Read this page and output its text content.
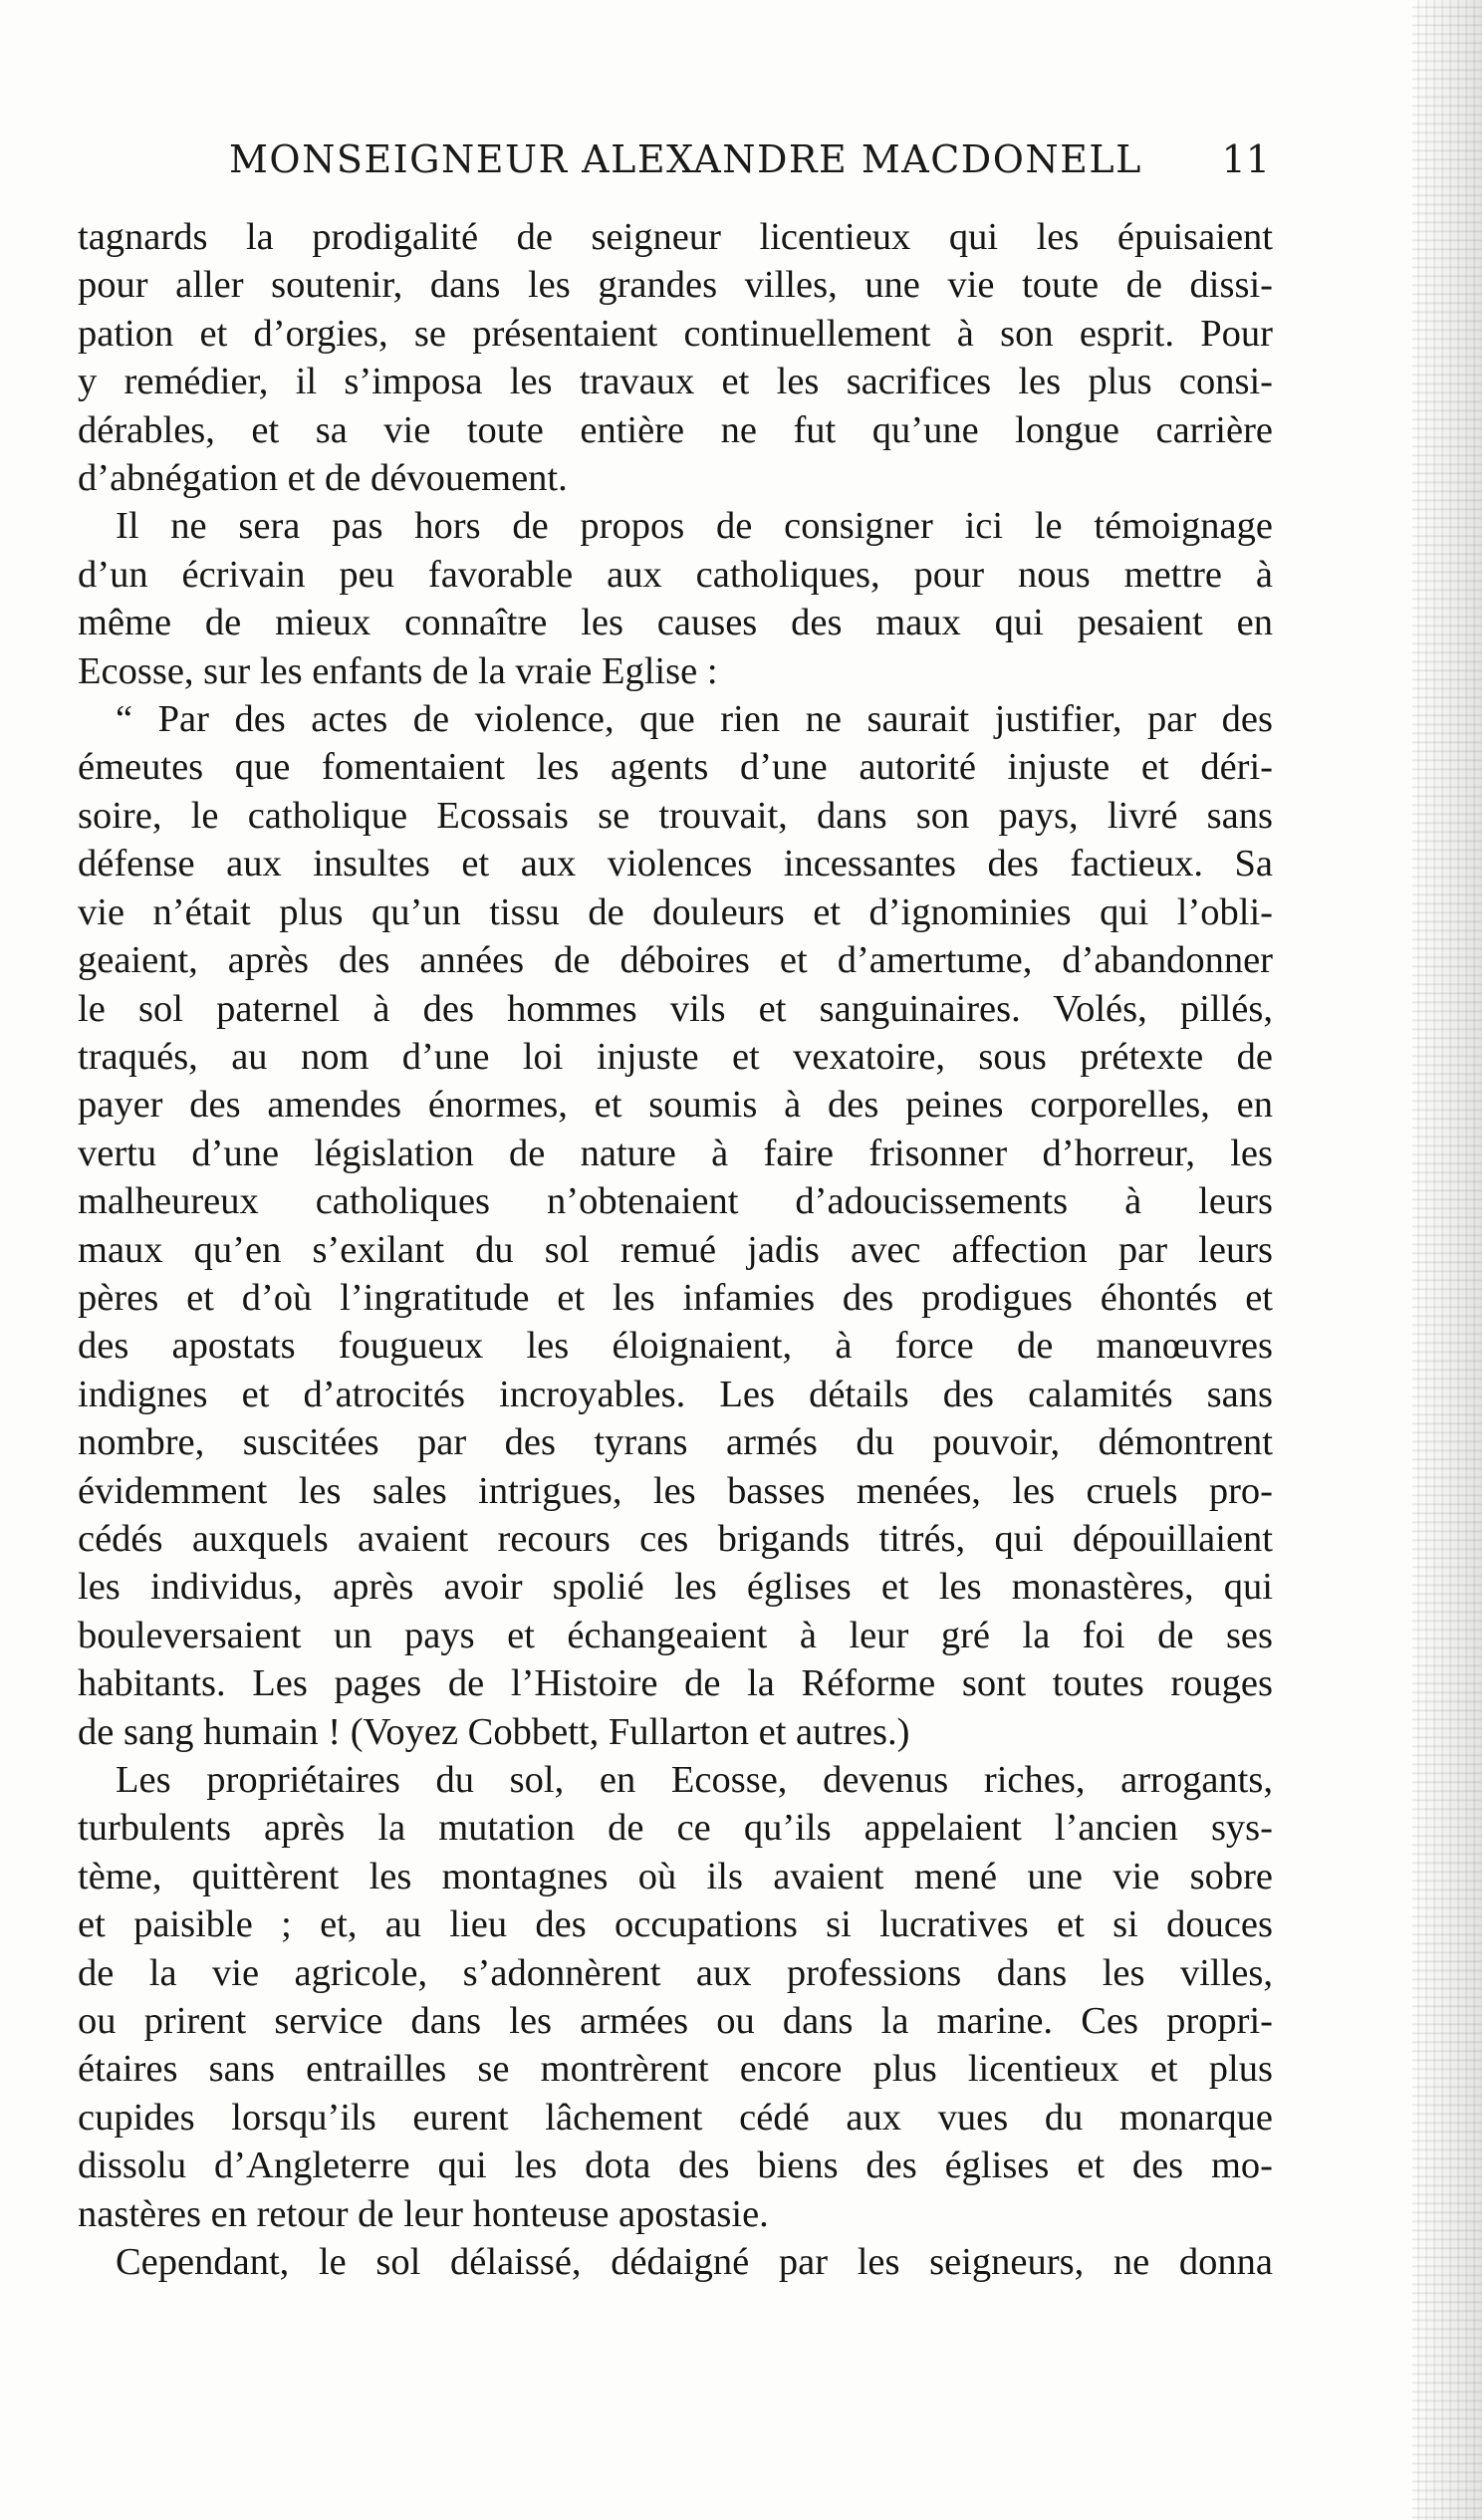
MONSEIGNEUR ALEXANDRE MACDONELL 11
tagnards la prodigalité de seigneur licentieux qui les épuisaient
pour aller soutenir, dans les grandes villes, une vie toute de dissi-
pation et d’orgies, se présentaient continuellement à son esprit. Pour
y remédier, il s’imposa les travaux et les sacrifices les plus consi-
dérables, et sa vie toute entière ne fut qu’une longue carrière
d’abnégation et de dévouement.
Il ne sera pas hors de propos de consigner ici le témoignage
d’un écrivain peu favorable aux catholiques, pour nous mettre à
même de mieux connaître les causes des maux qui pesaient en
Ecosse, sur les enfants de la vraie Eglise :
“ Par des actes de violence, que rien ne saurait justifier, par des
émeutes que fomentaient les agents d’une autorité injuste et déri-
soire, le catholique Ecossais se trouvait, dans son pays, livré sans
défense aux insultes et aux violences incessantes des factieux. Sa
vie n’était plus qu’un tissu de douleurs et d’ignominies qui l’obli-
geaient, après des années de déboires et d’amertume, d’abandonner
le sol paternel à des hommes vils et sanguinaires. Volés, pillés,
traqués, au nom d’une loi injuste et vexatoire, sous prétexte de
payer des amendes énormes, et soumis à des peines corporelles, en
vertu d’une législation de nature à faire frisonner d’horreur, les
malheureux catholiques n’obtenaient d’adoucissements à leurs
maux qu’en s’exilant du sol remué jadis avec affection par leurs
pères et d’où l’ingratitude et les infamies des prodigues éhontés et
des apostats fougueux les éloignaient, à force de manœuvres
indignes et d’atrocités incroyables. Les détails des calamités sans
nombre, suscitées par des tyrans armés du pouvoir, démontrent
évidemment les sales intrigues, les basses menées, les cruels pro-
cédés auxquels avaient recours ces brigands titrés, qui dépouillaient
les individus, après avoir spolié les églises et les monastères, qui
bouleversaient un pays et échangeaient à leur gré la foi de ses
habitants. Les pages de l’Histoire de la Réforme sont toutes rouges
de sang humain ! (Voyez Cobbett, Fullarton et autres.)
Les propriétaires du sol, en Ecosse, devenus riches, arrogants,
turbulents après la mutation de ce qu’ils appelaient l’ancien sys-
tème, quittèrent les montagnes où ils avaient mené une vie sobre
et paisible ; et, au lieu des occupations si lucratives et si douces
de la vie agricole, s’adonnèrent aux professions dans les villes,
ou prirent service dans les armées ou dans la marine. Ces propri-
étaires sans entrailles se montrèrent encore plus licentieux et plus
cupides lorsqu’ils eurent lâchement cédé aux vues du monarque
dissolu d’Angleterre qui les dota des biens des églises et des mo-
nastères en retour de leur honteuse apostasie.
Cependant, le sol délaissé, dédaigné par les seigneurs, ne donna
